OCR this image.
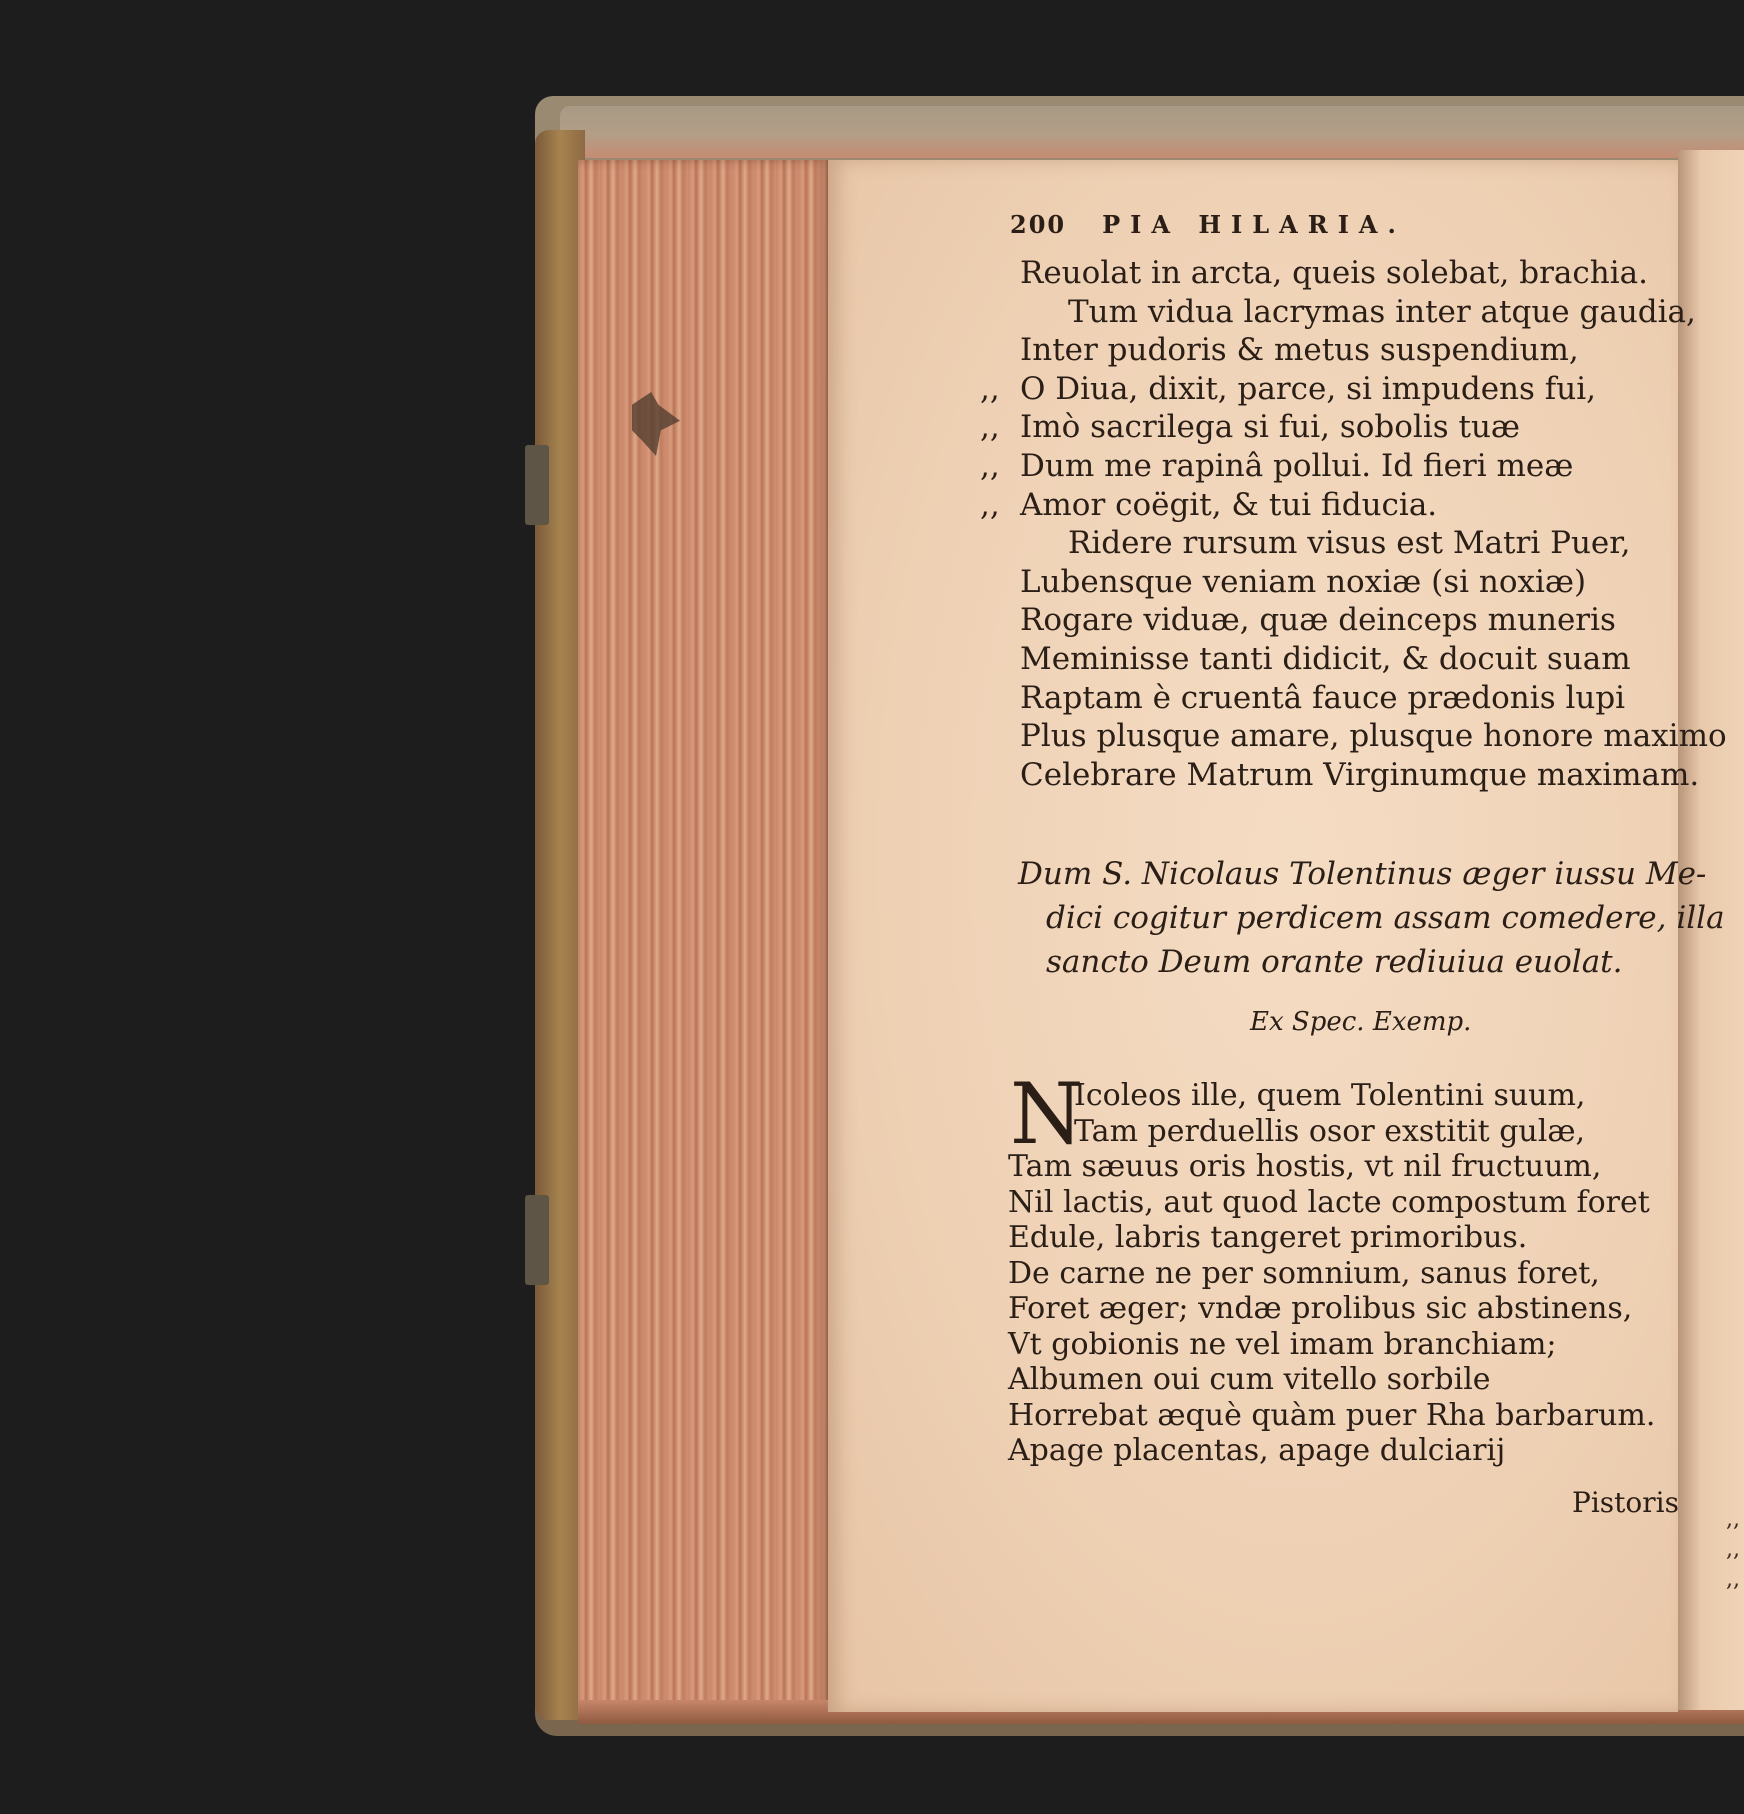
,,
,,
,,
200 PIA HILARIA.
Reuolat in arcta, queis solebat, brachia.
Tum vidua lacrymas inter atque gaudia,
Inter pudoris & metus suspendium,
,, O Diua, dixit, parce, si impudens fui,
,, Imò sacrilega si fui, sobolis tuæ
,, Dum me rapinâ pollui. Id fieri meæ
,, Amor coëgit, & tui fiducia.
Ridere rursum visus est Matri Puer,
Lubensque veniam noxiæ (si noxiæ)
Rogare viduæ, quæ deinceps muneris
Meminisse tanti didicit, & docuit suam
Raptam è cruentâ fauce prædonis lupi
Plus plusque amare, plusque honore maximo
Celebrare Matrum Virginumque maximam.
Dum S. Nicolaus Tolentinus æger iussu Me-
dici cogitur perdicem assam comedere, illa
sancto Deum orante rediuiua euolat.
Ex Spec. Exemp.
N
Icoleos ille, quem Tolentini suum,
Tam perduellis osor exstitit gulæ,
Tam sæuus oris hostis, vt nil fructuum,
Nil lactis, aut quod lacte compostum foret
Edule, labris tangeret primoribus.
De carne ne per somnium, sanus foret,
Foret æger; vndæ prolibus sic abstinens,
Vt gobionis ne vel imam branchiam;
Albumen oui cum vitello sorbile
Horrebat æquè quàm puer Rha barbarum.
Apage placentas, apage dulciarij
Pistoris
